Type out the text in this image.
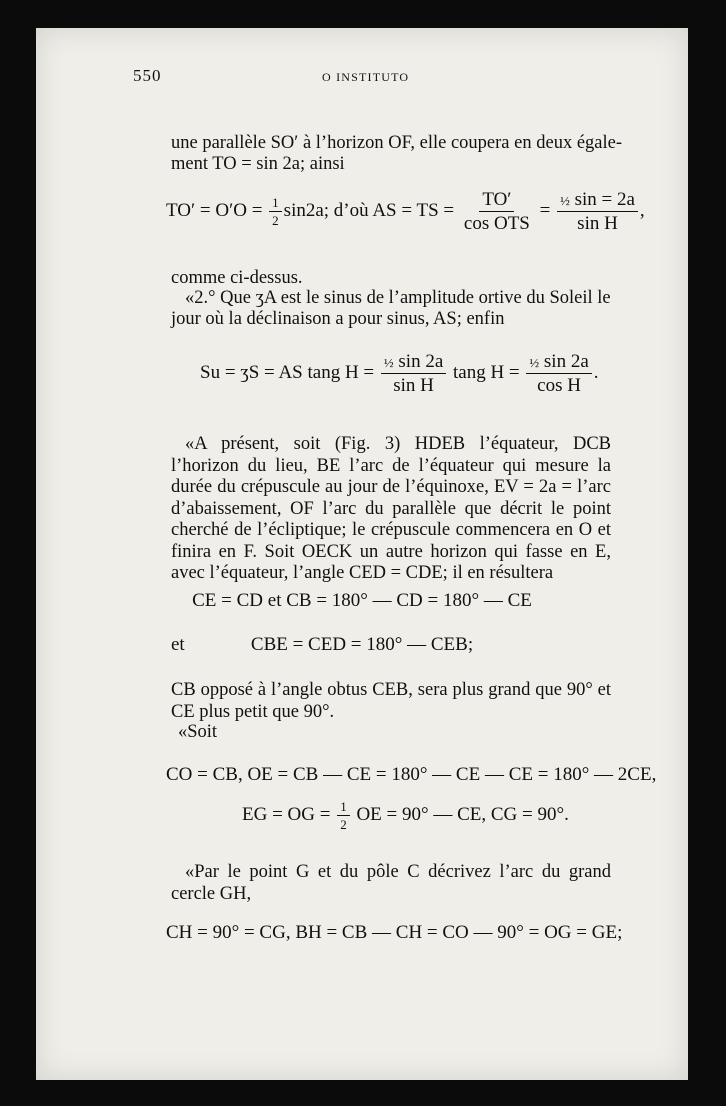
550	O INSTITUTO
une parallèle SO′ à l’horizon OF, elle coupera en deux égale-
ment TO = sin 2a; ainsi
$TO' = O'O = \frac{1}{2} \sin 2a$; d’où AS = TS = $\frac{TO'}{\text{cos OTS}} = \frac{\text{½ sin = 2a}}{\text{sin H}}$ ,
comme ci-dessus.
«2.° Que ʒA est le sinus de l’amplitude ortive du Soleil le
jour où la déclinaison a pour sinus, AS; enfin
Su = ʒS = AS tang $H = \frac{\text{½ sin 2a}}{\text{sin H}}$ tang $H = \frac{\text{½ sin 2a}}{\text{cos H}}$ .

«A présent, soit (Fig. 3) HDEB l’équateur, DCB l’horizon du lieu, BE l’arc de l’équateur qui mesure la durée du crépuscule au jour de l’équinoxe, EV = 2a = l’arc d’abaissement, OF l’arc du parallèle que décrit le point cherché de l’écliptique; le crépuscule commencera en O et finira en F. Soit OECK un autre horizon qui fasse en E, avec l’équateur, l’angle CED = CDE; il en résultera

CE = CD et CB = 180° — CD = 180° — CE
et	CBE = CED = 180° — CEB;

CB opposé à l’angle obtus CEB, sera plus grand que 90° et CE plus petit que 90°.

«Soit
CO = CB, OE = CB — CE = 180° — CE — CE = 180° — 2CE,
EG = OG = $\frac{1}{2}$ OE = 90° — CE, CG = 90°.

«Par le point G et du pôle C décrivez l’arc du grand cercle GH,

CH = 90° = CG, BH = CB — CH = CO — 90° = OG = GE;
